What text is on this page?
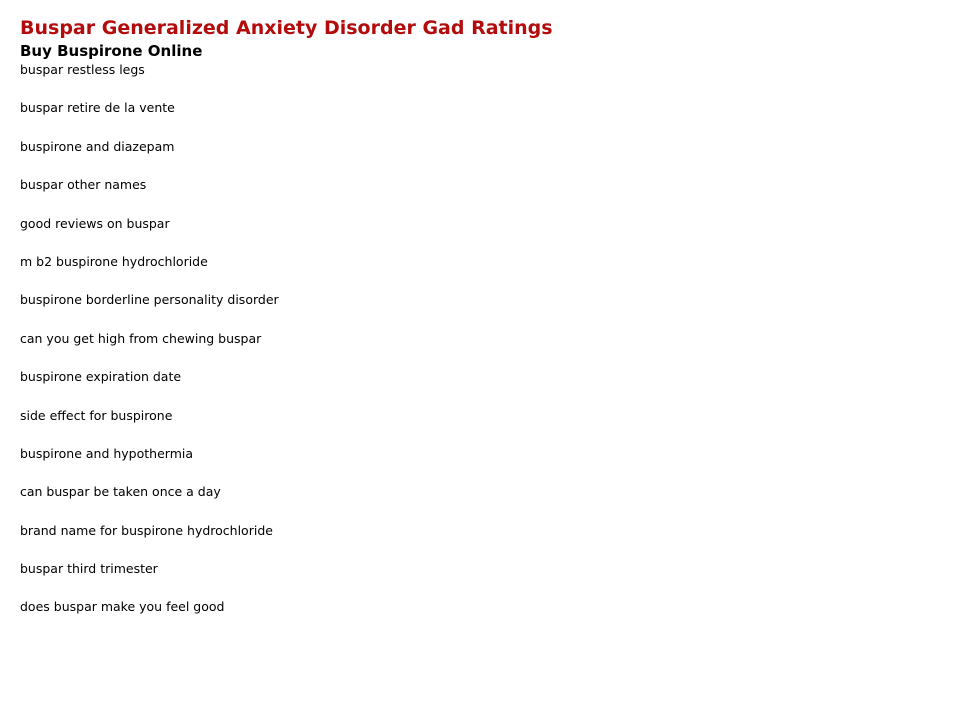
Buspar Generalized Anxiety Disorder Gad Ratings
Buy Buspirone Online
buspar restless legs
buspar retire de la vente
buspirone and diazepam
buspar other names
good reviews on buspar
m b2 buspirone hydrochloride
buspirone borderline personality disorder
can you get high from chewing buspar
buspirone expiration date
side effect for buspirone
buspirone and hypothermia
can buspar be taken once a day
brand name for buspirone hydrochloride
buspar third trimester
does buspar make you feel good
